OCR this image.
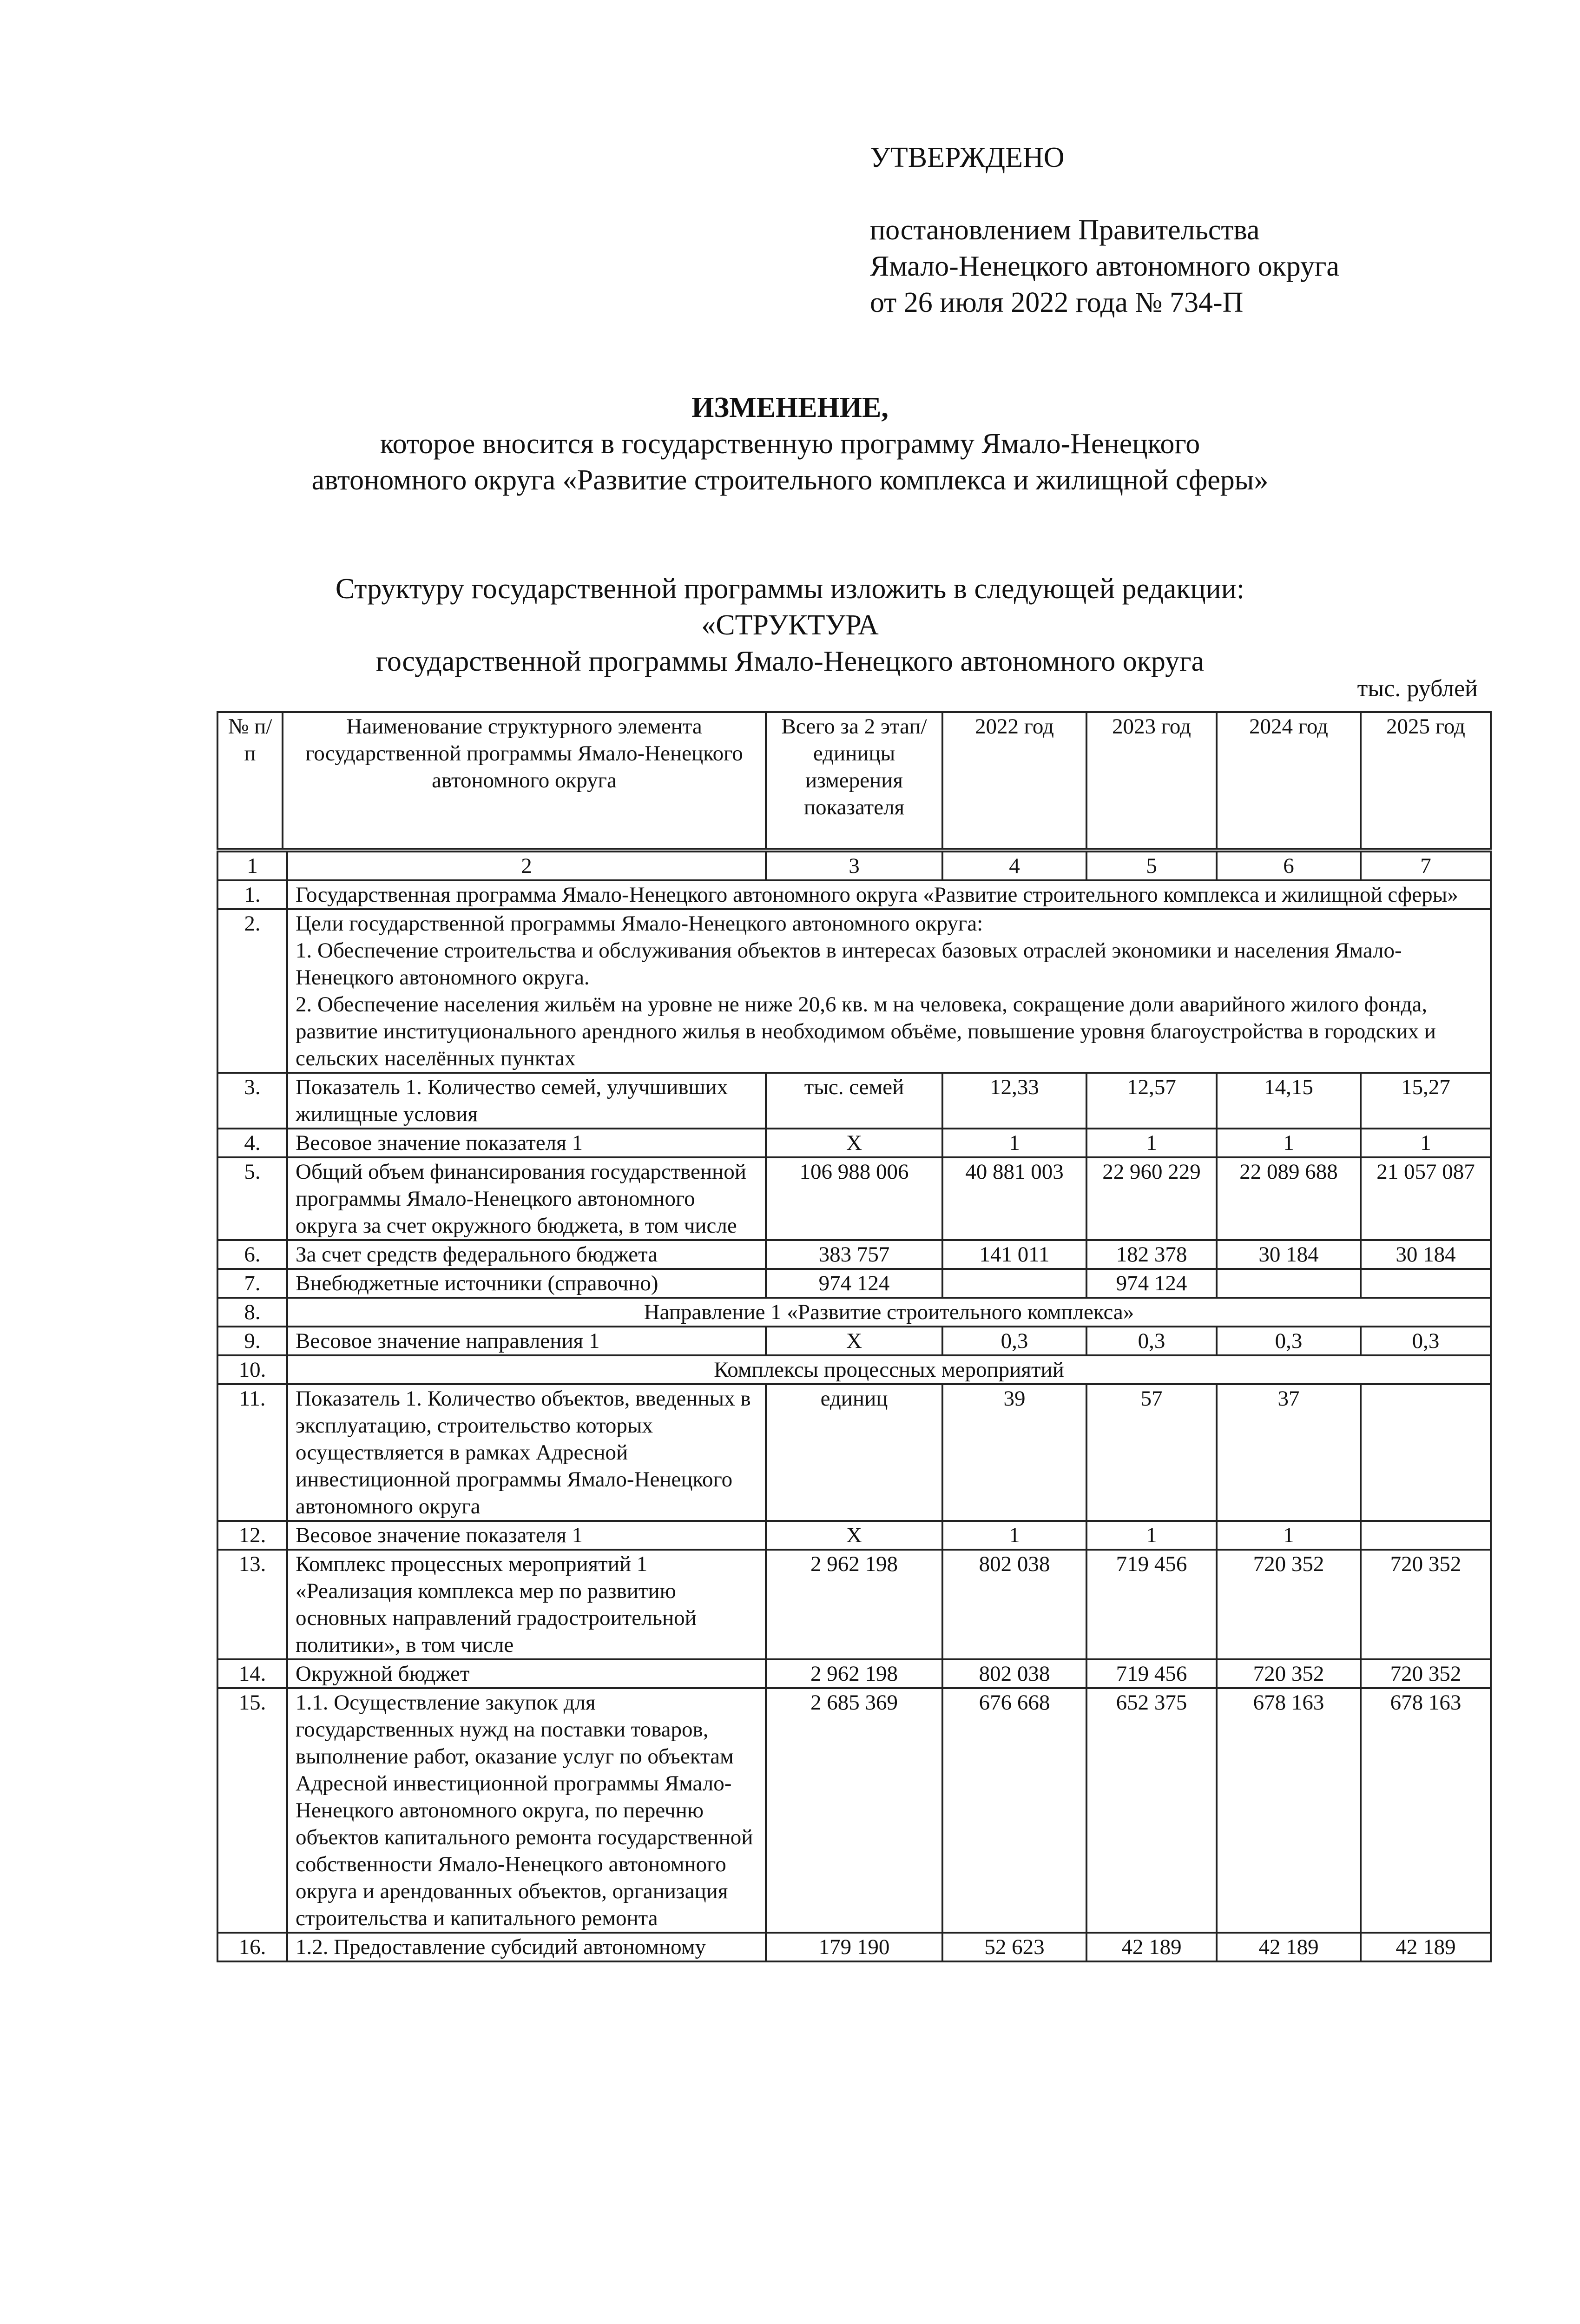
УТВЕРЖДЕНО
постановлением Правительства
Ямало-Ненецкого автономного округа
от 26 июля 2022 года № 734-П
ИЗМЕНЕНИЕ,
которое вносится в государственную программу Ямало-Ненецкого
автономного округа «Развитие строительного комплекса и жилищной сферы»
Структуру государственной программы изложить в следующей редакции:
«СТРУКТУРА
государственной программы Ямало-Ненецкого автономного округа
тыс. рублей
№ п/п	Наименование структурного элемента государственной программы Ямало-Ненецкого автономного округа	Всего за 2 этап/ единицы измерения показателя	2022 год	2023 год	2024 год	2025 год
1	2	3	4	5	6	7
1.	Государственная программа Ямало-Ненецкого автономного округа «Развитие строительного комплекса и жилищной сферы»					
2.	Цели государственной программы Ямало-Ненецкого автономного округа:
1. Обеспечение строительства и обслуживания объектов в интересах базовых отраслей экономики и населения Ямало-Ненецкого автономного округа.
2. Обеспечение населения жильём на уровне не ниже 20,6 кв. м на человека, сокращение доли аварийного жилого фонда, развитие институционального арендного жилья в необходимом объёме, повышение уровня благоустройства в городских и сельских населённых пунктах					
3.	Показатель 1. Количество семей, улучшивших жилищные условия	тыс. семей	12,33	12,57	14,15	15,27
4.	Весовое значение показателя 1	X	1	1	1	1
5.	Общий объем финансирования государственной программы Ямало-Ненецкого автономного округа за счет окружного бюджета, в том числе	106 988 006	40 881 003	22 960 229	22 089 688	21 057 087
6.	За счет средств федерального бюджета	383 757	141 011	182 378	30 184	30 184
7.	Внебюджетные источники (справочно)	974 124		974 124		
8.	Направление 1 «Развитие строительного комплекса»					
9.	Весовое значение направления 1	X	0,3	0,3	0,3	0,3
10.	Комплексы процессных мероприятий					
11.	Показатель 1. Количество объектов, введенных в эксплуатацию, строительство которых осуществляется в рамках Адресной инвестиционной программы Ямало-Ненецкого автономного округа	единиц	39	57	37	
12.	Весовое значение показателя 1	X	1	1	1	
13.	Комплекс процессных мероприятий 1 «Реализация комплекса мер по развитию основных направлений градостроительной политики», в том числе	2 962 198	802 038	719 456	720 352	720 352
14.	Окружной бюджет	2 962 198	802 038	719 456	720 352	720 352
15.	1.1. Осуществление закупок для государственных нужд на поставки товаров, выполнение работ, оказание услуг по объектам Адресной инвестиционной программы Ямало-Ненецкого автономного округа, по перечню объектов капитального ремонта государственной собственности Ямало-Ненецкого автономного округа и арендованных объектов, организация строительства и капитального ремонта	2 685 369	676 668	652 375	678 163	678 163
16.	1.2. Предоставление субсидий автономному	179 190	52 623	42 189	42 189	42 189
